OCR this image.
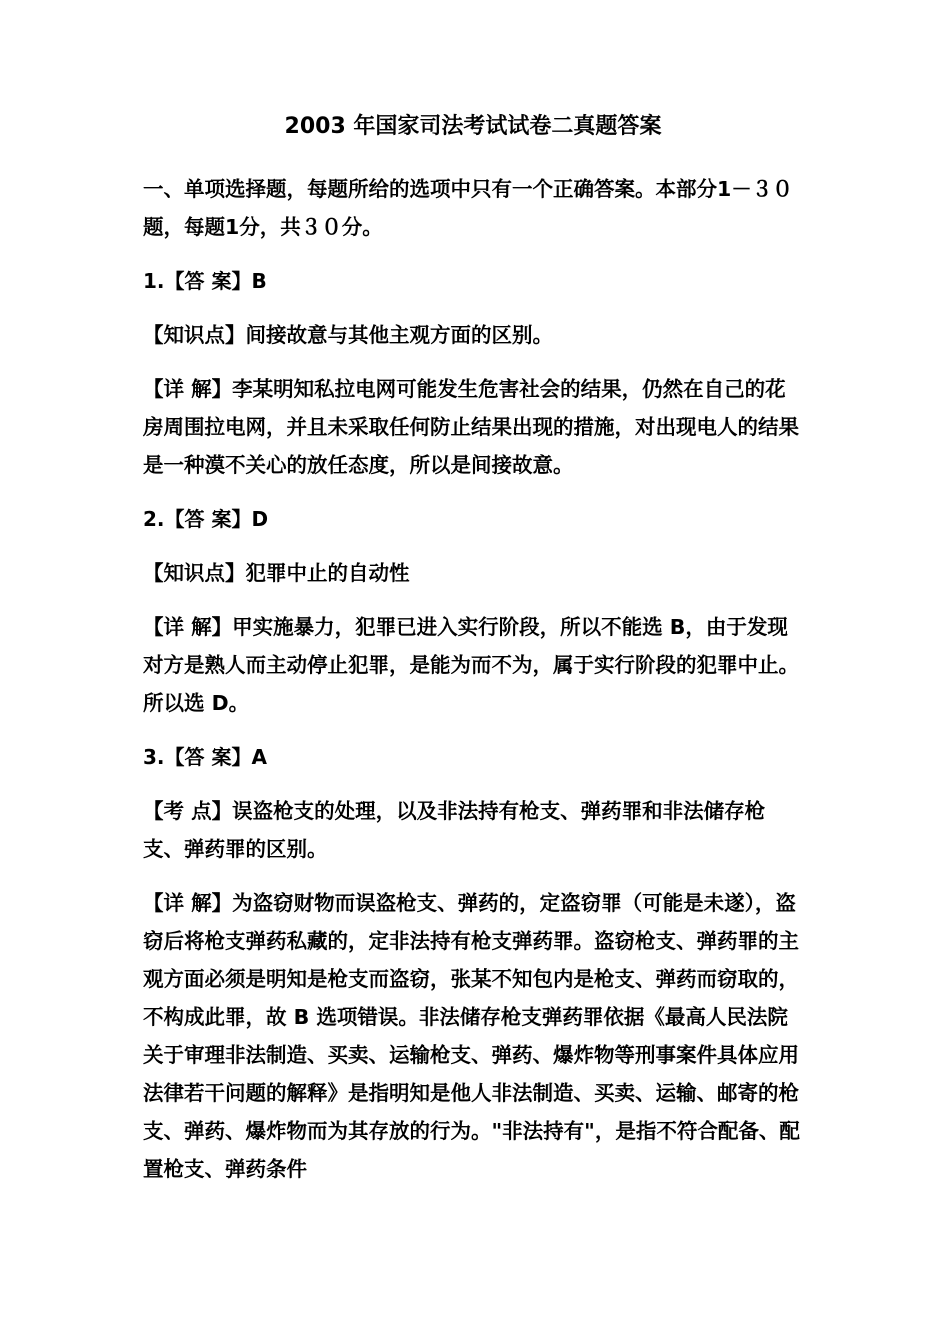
2003 年国家司法考试试卷二真题答案
一、单项选择题，每题所给的选项中只有一个正确答案。本部分1－３０题，每题1分，共３０分。
1.【答 案】B
【知识点】间接故意与其他主观方面的区别。
【详 解】李某明知私拉电网可能发生危害社会的结果，仍然在自己的花房周围拉电网，并且未采取任何防止结果出现的措施，对出现电人的结果是一种漠不关心的放任态度，所以是间接故意。
2.【答 案】D
【知识点】犯罪中止的自动性
【详 解】甲实施暴力，犯罪已进入实行阶段，所以不能选 B，由于发现对方是熟人而主动停止犯罪，是能为而不为，属于实行阶段的犯罪中止。所以选 D。
3.【答 案】A
【考 点】误盗枪支的处理，以及非法持有枪支、弹药罪和非法储存枪支、弹药罪的区别。
【详 解】为盗窃财物而误盗枪支、弹药的，定盗窃罪（可能是未遂），盗窃后将枪支弹药私藏的，定非法持有枪支弹药罪。盗窃枪支、弹药罪的主观方面必须是明知是枪支而盗窃，张某不知包内是枪支、弹药而窃取的，不构成此罪，故 B 选项错误。非法储存枪支弹药罪依据《最高人民法院关于审理非法制造、买卖、运输枪支、弹药、爆炸物等刑事案件具体应用法律若干问题的解释》是指明知是他人非法制造、买卖、运输、邮寄的枪支、弹药、爆炸物而为其存放的行为。"非法持有"，是指不符合配备、配置枪支、弹药条件
